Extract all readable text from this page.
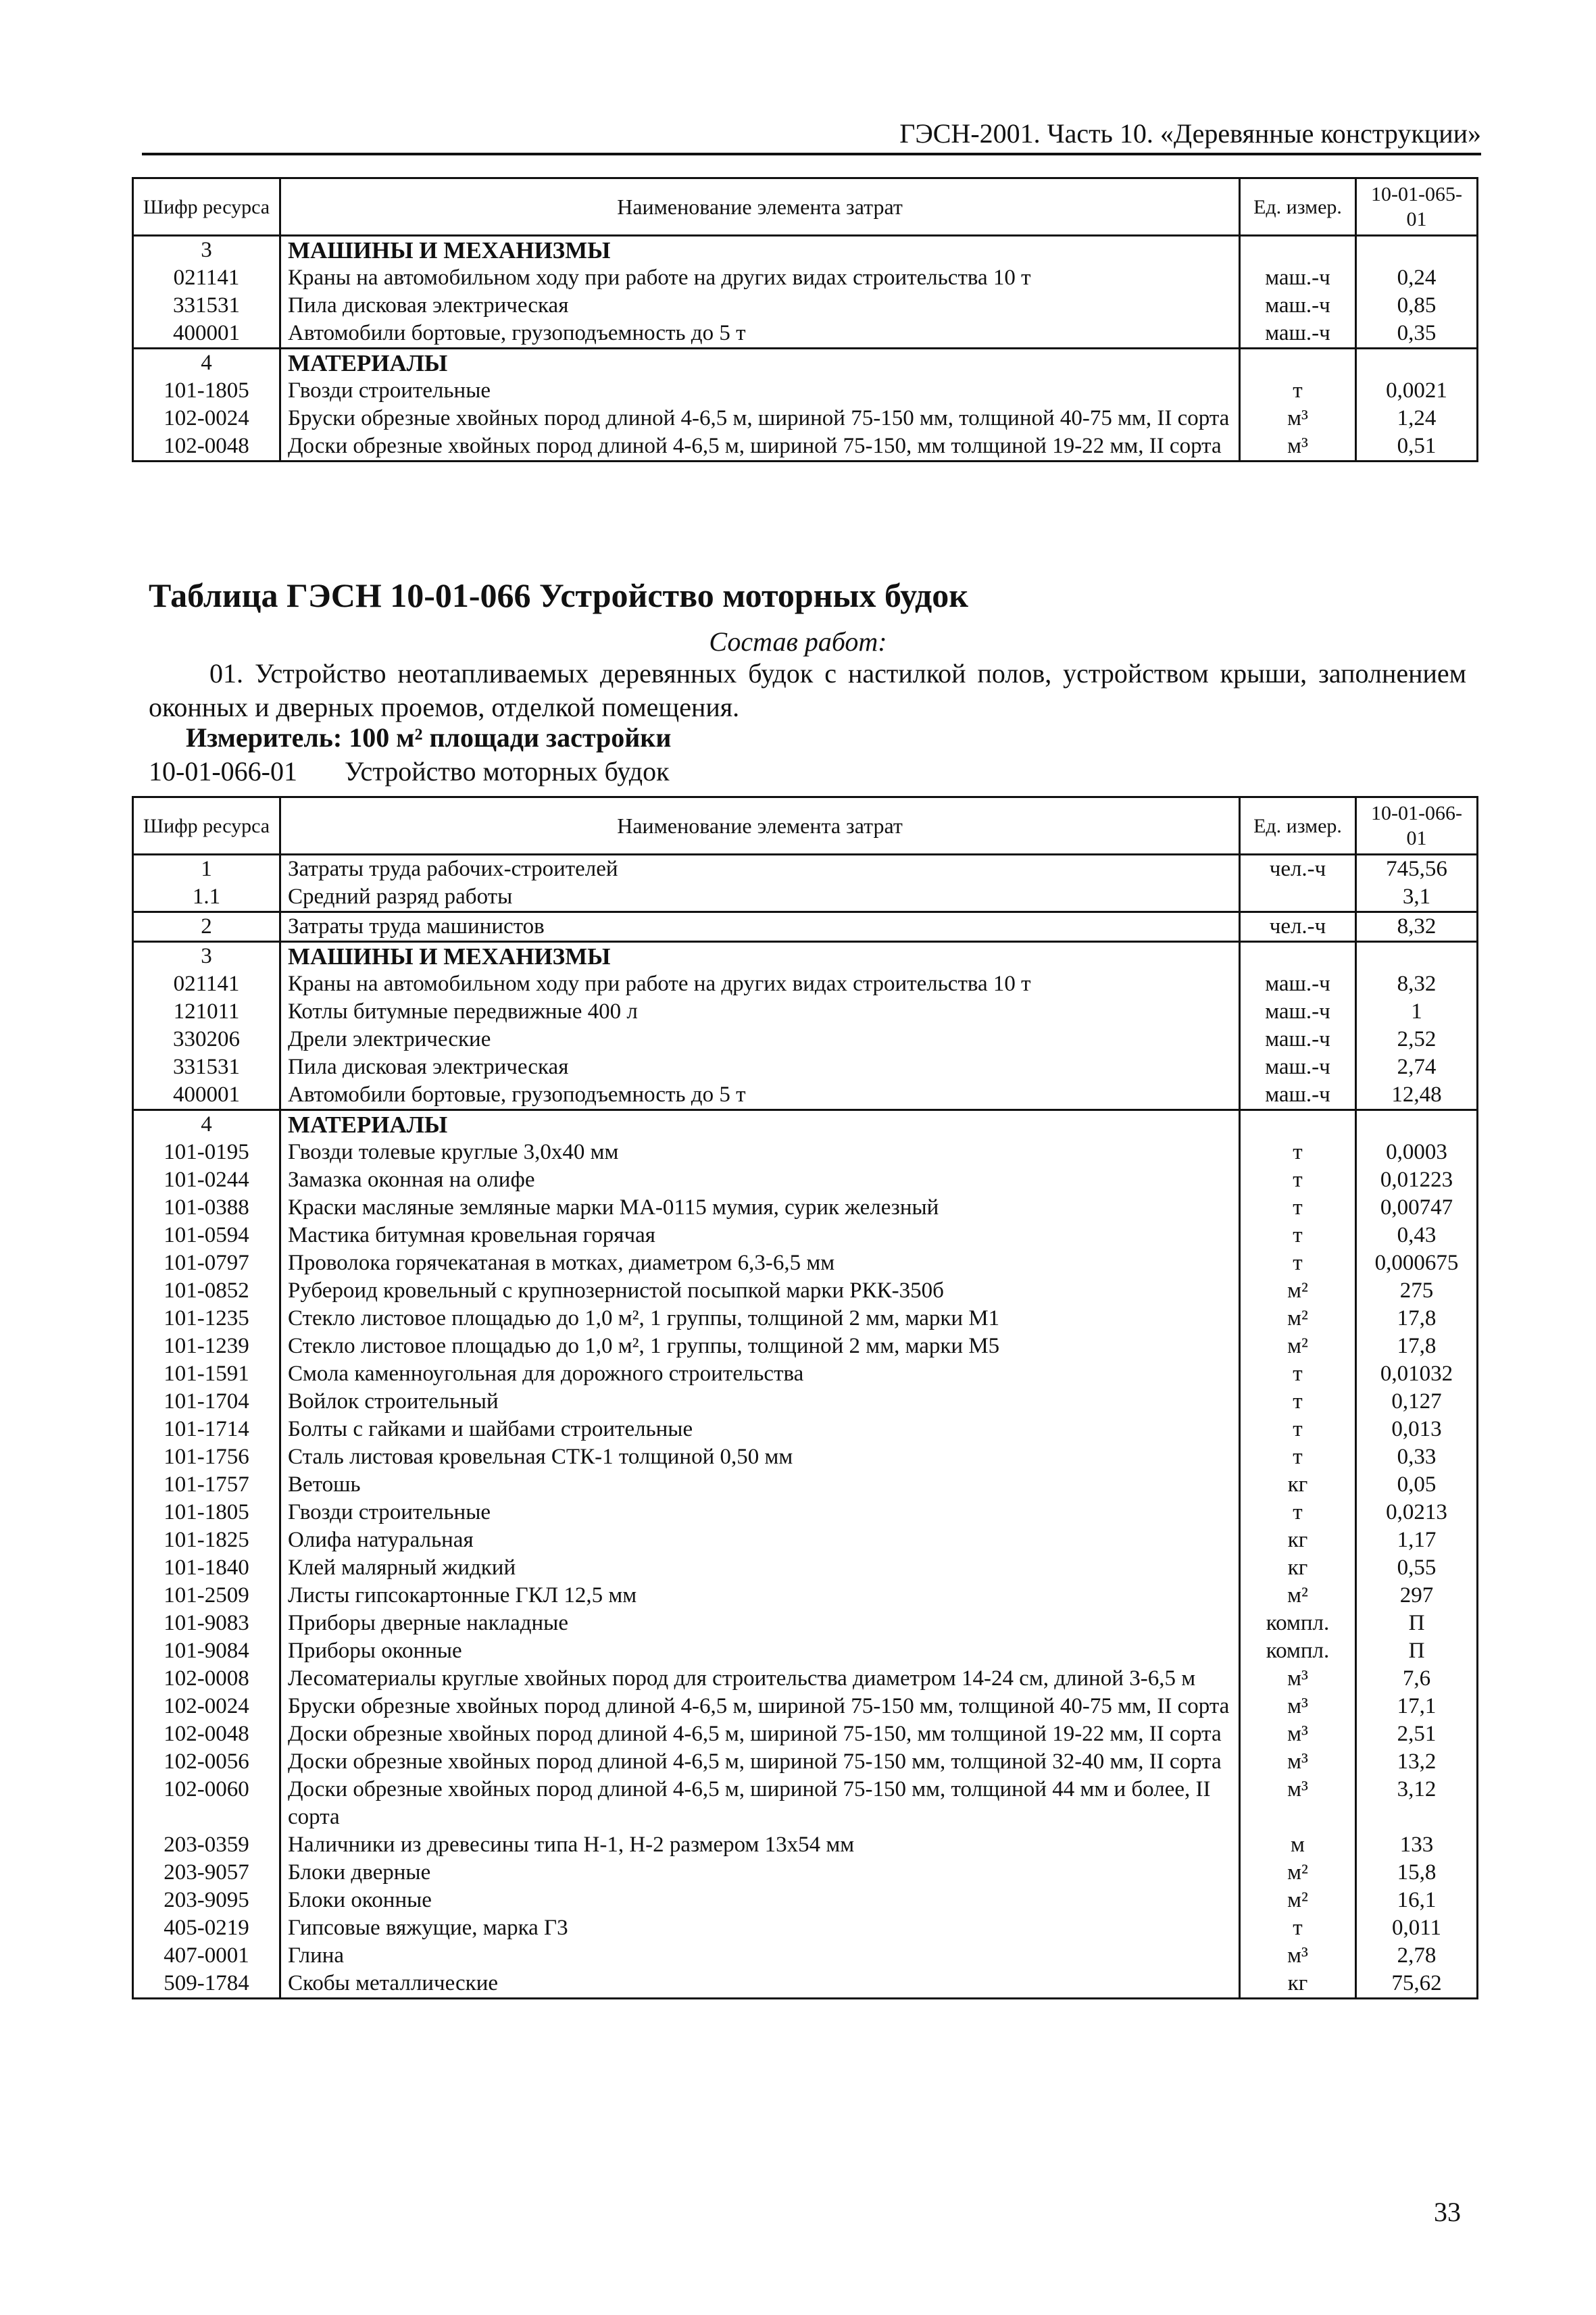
ГЭСН-2001. Часть 10. «Деревянные конструкции»
Шифр ресурса	Наименование элемента затрат	Ед. измер.	10-01-065-01
3	МАШИНЫ И МЕХАНИЗМЫ		
021141	Краны на автомобильном ходу при работе на других видах строительства 10 т	маш.-ч	0,24
331531	Пила дисковая электрическая	маш.-ч	0,85
400001	Автомобили бортовые, грузоподъемность до 5 т	маш.-ч	0,35
4	МАТЕРИАЛЫ		
101-1805	Гвозди строительные	т	0,0021
102-0024	Бруски обрезные хвойных пород длиной 4-6,5 м, шириной 75-150 мм, толщиной 40-75 мм, II сорта	м³	1,24
102-0048	Доски обрезные хвойных пород длиной 4-6,5 м, шириной 75-150, мм толщиной 19-22 мм, II сорта	м³	0,51
Таблица ГЭСН 10-01-066 Устройство моторных будок
Состав работ:
01. Устройство неотапливаемых деревянных будок с настилкой полов, устройством крыши, заполнением оконных и дверных проемов, отделкой помещения.
Измеритель: 100 м² площади застройки
10-01-066-01 Устройство моторных будок
Шифр ресурса	Наименование элемента затрат	Ед. измер.	10-01-066-01
1	Затраты труда рабочих-строителей	чел.-ч	745,56
1.1	Средний разряд работы		3,1
2	Затраты труда машинистов	чел.-ч	8,32
3	МАШИНЫ И МЕХАНИЗМЫ		
021141	Краны на автомобильном ходу при работе на других видах строительства 10 т	маш.-ч	8,32
121011	Котлы битумные передвижные 400 л	маш.-ч	1
330206	Дрели электрические	маш.-ч	2,52
331531	Пила дисковая электрическая	маш.-ч	2,74
400001	Автомобили бортовые, грузоподъемность до 5 т	маш.-ч	12,48
4	МАТЕРИАЛЫ		
101-0195	Гвозди толевые круглые 3,0х40 мм	т	0,0003
101-0244	Замазка оконная на олифе	т	0,01223
101-0388	Краски масляные земляные марки МА-0115 мумия, сурик железный	т	0,00747
101-0594	Мастика битумная кровельная горячая	т	0,43
101-0797	Проволока горячекатаная в мотках, диаметром 6,3-6,5 мм	т	0,000675
101-0852	Рубероид кровельный с крупнозернистой посыпкой марки РКК-350б	м²	275
101-1235	Стекло листовое площадью до 1,0 м², 1 группы, толщиной 2 мм, марки М1	м²	17,8
101-1239	Стекло листовое площадью до 1,0 м², 1 группы, толщиной 2 мм, марки М5	м²	17,8
101-1591	Смола каменноугольная для дорожного строительства	т	0,01032
101-1704	Войлок строительный	т	0,127
101-1714	Болты с гайками и шайбами строительные	т	0,013
101-1756	Сталь листовая кровельная СТК-1 толщиной 0,50 мм	т	0,33
101-1757	Ветошь	кг	0,05
101-1805	Гвозди строительные	т	0,0213
101-1825	Олифа натуральная	кг	1,17
101-1840	Клей малярный жидкий	кг	0,55
101-2509	Листы гипсокартонные ГКЛ 12,5 мм	м²	297
101-9083	Приборы дверные накладные	компл.	П
101-9084	Приборы оконные	компл.	П
102-0008	Лесоматериалы круглые хвойных пород для строительства диаметром 14-24 см, длиной 3-6,5 м	м³	7,6
102-0024	Бруски обрезные хвойных пород длиной 4-6,5 м, шириной 75-150 мм, толщиной 40-75 мм, II сорта	м³	17,1
102-0048	Доски обрезные хвойных пород длиной 4-6,5 м, шириной 75-150, мм толщиной 19-22 мм, II сорта	м³	2,51
102-0056	Доски обрезные хвойных пород длиной 4-6,5 м, шириной 75-150 мм, толщиной 32-40 мм, II сорта	м³	13,2
102-0060	Доски обрезные хвойных пород длиной 4-6,5 м, шириной 75-150 мм, толщиной 44 мм и более, II сорта	м³	3,12
203-0359	Наличники из древесины типа Н-1, Н-2 размером 13х54 мм	м	133
203-9057	Блоки дверные	м²	15,8
203-9095	Блоки оконные	м²	16,1
405-0219	Гипсовые вяжущие, марка Г3	т	0,011
407-0001	Глина	м³	2,78
509-1784	Скобы металлические	кг	75,62
33
